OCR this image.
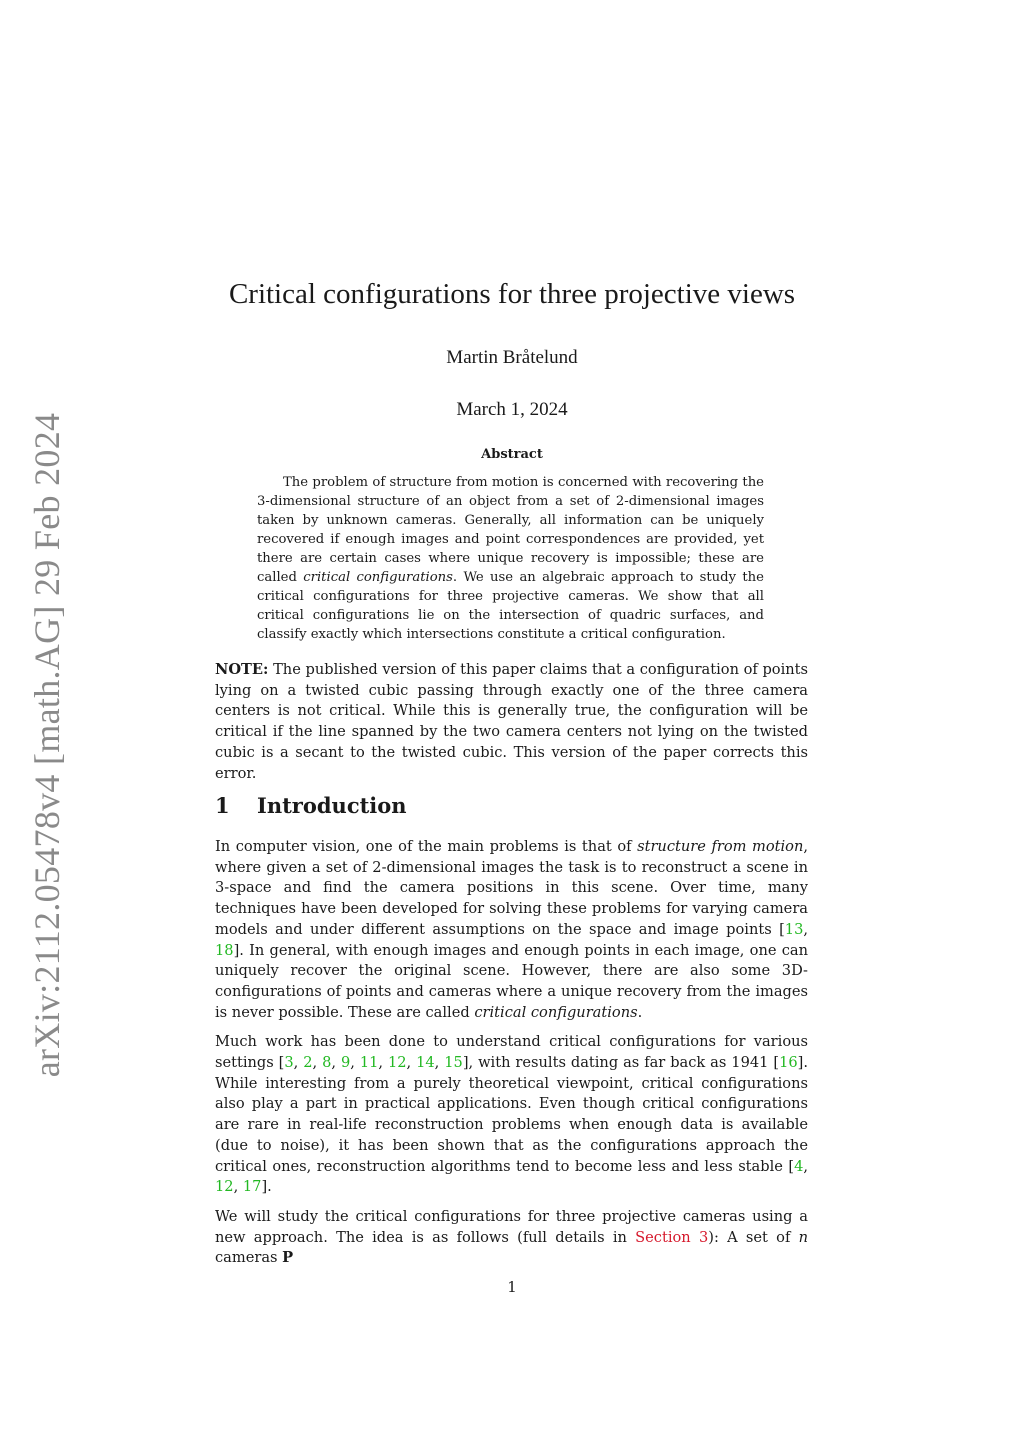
arXiv:2112.05478v4 [math.AG] 29 Feb 2024
Critical configurations for three projective views
Martin Bråtelund
March 1, 2024
Abstract

The problem of structure from motion is concerned with recovering the 3-dimensional structure of an object from a set of 2-dimensional images taken by unknown cameras. Generally, all information can be uniquely recovered if enough images and point correspondences are provided, yet there are certain cases where unique recovery is impossible; these are called critical configurations. We use an algebraic approach to study the critical configurations for three projective cameras. We show that all critical configurations lie on the intersection of quadric surfaces, and classify exactly which intersections constitute a critical configuration.

NOTE: The published version of this paper claims that a configuration of points lying on a twisted cubic passing through exactly one of the three camera centers is not critical. While this is generally true, the configuration will be critical if the line spanned by the two camera centers not lying on the twisted cubic is a secant to the twisted cubic. This version of the paper corrects this error.

1 Introduction

In computer vision, one of the main problems is that of structure from motion, where given a set of 2-dimensional images the task is to reconstruct a scene in 3-space and find the camera positions in this scene. Over time, many techniques have been developed for solving these problems for varying camera models and under different assumptions on the space and image points [13, 18]. In general, with enough images and enough points in each image, one can uniquely recover the original scene. However, there are also some 3D-configurations of points and cameras where a unique recovery from the images is never possible. These are called critical configurations.

Much work has been done to understand critical configurations for various settings [3, 2, 8, 9, 11, 12, 14, 15], with results dating as far back as 1941 [16]. While interesting from a purely theoretical viewpoint, critical configurations also play a part in practical applications. Even though critical configurations are rare in real-life reconstruction problems when enough data is available (due to noise), it has been shown that as the configurations approach the critical ones, reconstruction algorithms tend to become less and less stable [4, 12, 17].

We will study the critical configurations for three projective cameras using a new approach. The idea is as follows (full details in Section 3): A set of n cameras P

1
